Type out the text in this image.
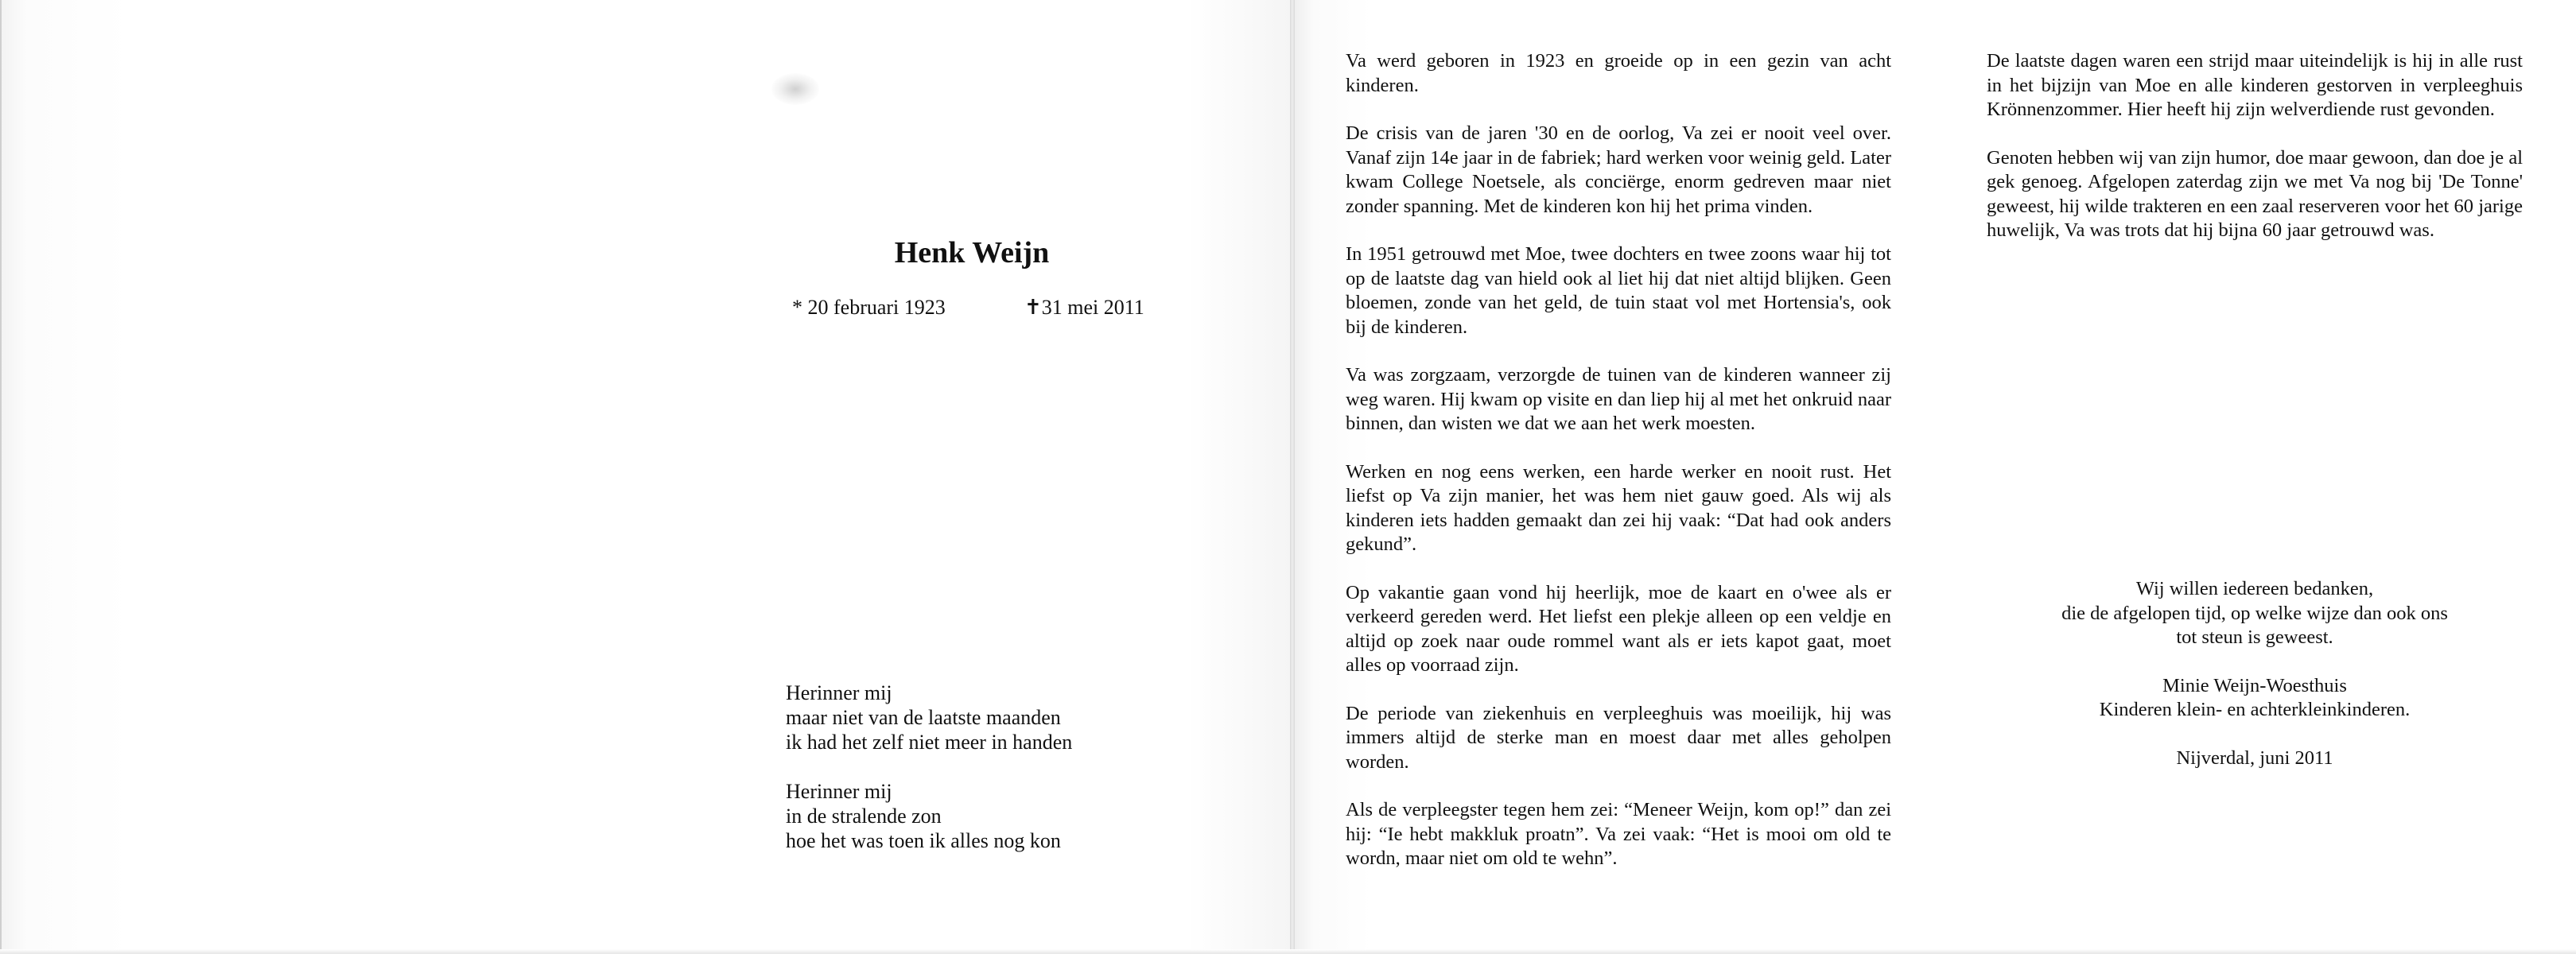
Henk Weijn
* 20 februari 1923	✝31 mei 2011

Herinner mij

maar niet van de laatste maanden

ik had het zelf niet meer in handen

Herinner mij

in de stralende zon

hoe het was toen ik alles nog kon

Va werd geboren in 1923 en groeide op in een gezin van acht kinderen.

De crisis van de jaren '30 en de oorlog, Va zei er nooit veel over. Vanaf zijn 14e jaar in de fabriek; hard werken voor weinig geld. Later kwam College Noetsele, als conciërge, enorm gedreven maar niet zonder spanning. Met de kinderen kon hij het prima vinden.

In 1951 getrouwd met Moe, twee dochters en twee zoons waar hij tot op de laatste dag van hield ook al liet hij dat niet altijd blijken. Geen bloemen, zonde van het geld, de tuin staat vol met Hortensia's, ook bij de kinderen.

Va was zorgzaam, verzorgde de tuinen van de kinderen wanneer zij weg waren. Hij kwam op visite en dan liep hij al met het onkruid naar binnen, dan wisten we dat we aan het werk moesten.

Werken en nog eens werken, een harde werker en nooit rust. Het liefst op Va zijn manier, het was hem niet gauw goed. Als wij als kinderen iets hadden gemaakt dan zei hij vaak: “Dat had ook anders gekund”.

Op vakantie gaan vond hij heerlijk, moe de kaart en o'wee als er verkeerd gereden werd. Het liefst een plekje alleen op een veldje en altijd op zoek naar oude rommel want als er iets kapot gaat, moet alles op voorraad zijn.

De periode van ziekenhuis en verpleeghuis was moeilijk, hij was immers altijd de sterke man en moest daar met alles geholpen worden.

Als de verpleegster tegen hem zei: “Meneer Weijn, kom op!” dan zei hij: “Ie hebt makkluk proatn”. Va zei vaak: “Het is mooi om old te wordn, maar niet om old te wehn”.

De laatste dagen waren een strijd maar uiteindelijk is hij in alle rust in het bijzijn van Moe en alle kinderen gestorven in verpleeghuis Krönnenzommer. Hier heeft hij zijn welverdiende rust gevonden.

Genoten hebben wij van zijn humor, doe maar gewoon, dan doe je al gek genoeg. Afgelopen zaterdag zijn we met Va nog bij 'De Tonne' geweest, hij wilde trakteren en een zaal reserveren voor het 60 jarige huwelijk, Va was trots dat hij bijna 60 jaar getrouwd was.

Wij willen iedereen bedanken,

die de afgelopen tijd, op welke wijze dan ook ons

tot steun is geweest.

Minie Weijn-Woesthuis

Kinderen klein- en achterkleinkinderen.

Nijverdal, juni 2011
